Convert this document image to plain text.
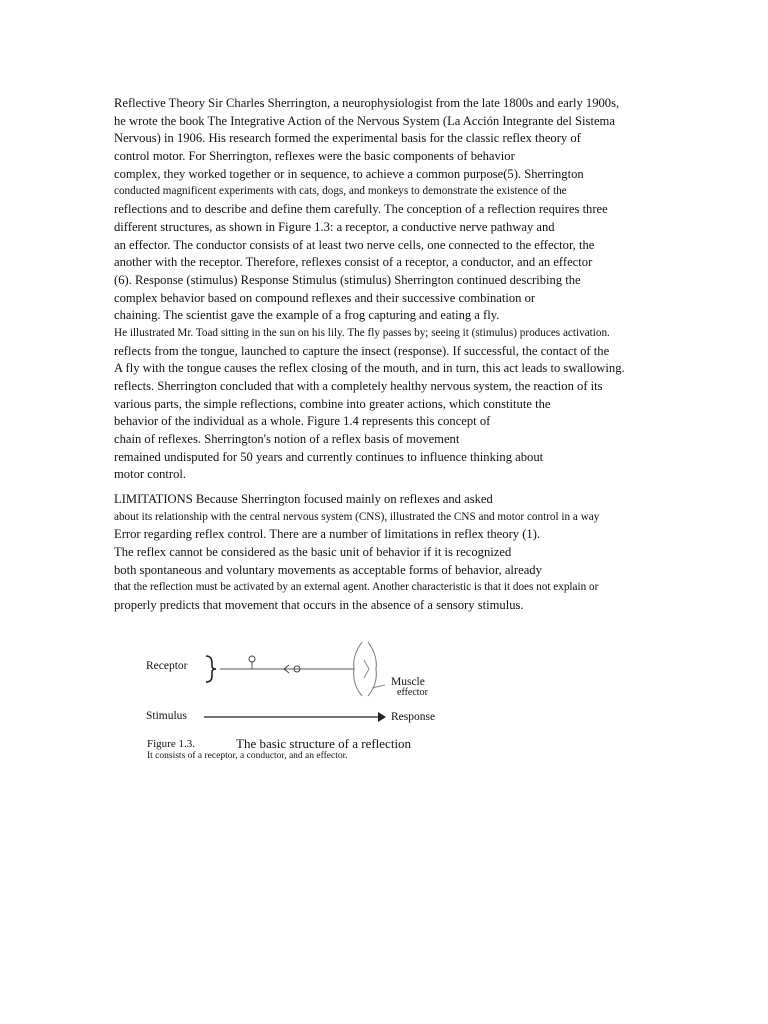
Reflective Theory Sir Charles Sherrington, a neurophysiologist from the late 1800s and early 1900s,
he wrote the book The Integrative Action of the Nervous System (La Acción Integrante del Sistema
Nervous) in 1906. His research formed the experimental basis for the classic reflex theory of
control motor. For Sherrington, reflexes were the basic components of behavior
complex, they worked together or in sequence, to achieve a common purpose(5). Sherrington
conducted magnificent experiments with cats, dogs, and monkeys to demonstrate the existence of the
reflections and to describe and define them carefully. The conception of a reflection requires three
different structures, as shown in Figure 1.3: a receptor, a conductive nerve pathway and
an effector. The conductor consists of at least two nerve cells, one connected to the effector, the
another with the receptor. Therefore, reflexes consist of a receptor, a conductor, and an effector
(6). Response (stimulus) Response Stimulus (stimulus) Sherrington continued describing the
complex behavior based on compound reflexes and their successive combination or
chaining. The scientist gave the example of a frog capturing and eating a fly.
He illustrated Mr. Toad sitting in the sun on his lily. The fly passes by; seeing it (stimulus) produces activation.
reflects from the tongue, launched to capture the insect (response). If successful, the contact of the
A fly with the tongue causes the reflex closing of the mouth, and in turn, this act leads to swallowing.
reflects. Sherrington concluded that with a completely healthy nervous system, the reaction of its
various parts, the simple reflections, combine into greater actions, which constitute the
behavior of the individual as a whole. Figure 1.4 represents this concept of
chain of reflexes. Sherrington's notion of a reflex basis of movement
remained undisputed for 50 years and currently continues to influence thinking about
motor control.
LIMITATIONS Because Sherrington focused mainly on reflexes and asked
about its relationship with the central nervous system (CNS), illustrated the CNS and motor control in a way
Error regarding reflex control. There are a number of limitations in reflex theory (1).
The reflex cannot be considered as the basic unit of behavior if it is recognized
both spontaneous and voluntary movements as acceptable forms of behavior, already
that the reflection must be activated by an external agent. Another characteristic is that it does not explain or
properly predicts that movement that occurs in the absence of a sensory stimulus.
Receptor
Muscle
effector
Stimulus	Response
Figure 1.3.	The basic structure of a reflection
It consists of a receptor, a conductor, and an effector.
